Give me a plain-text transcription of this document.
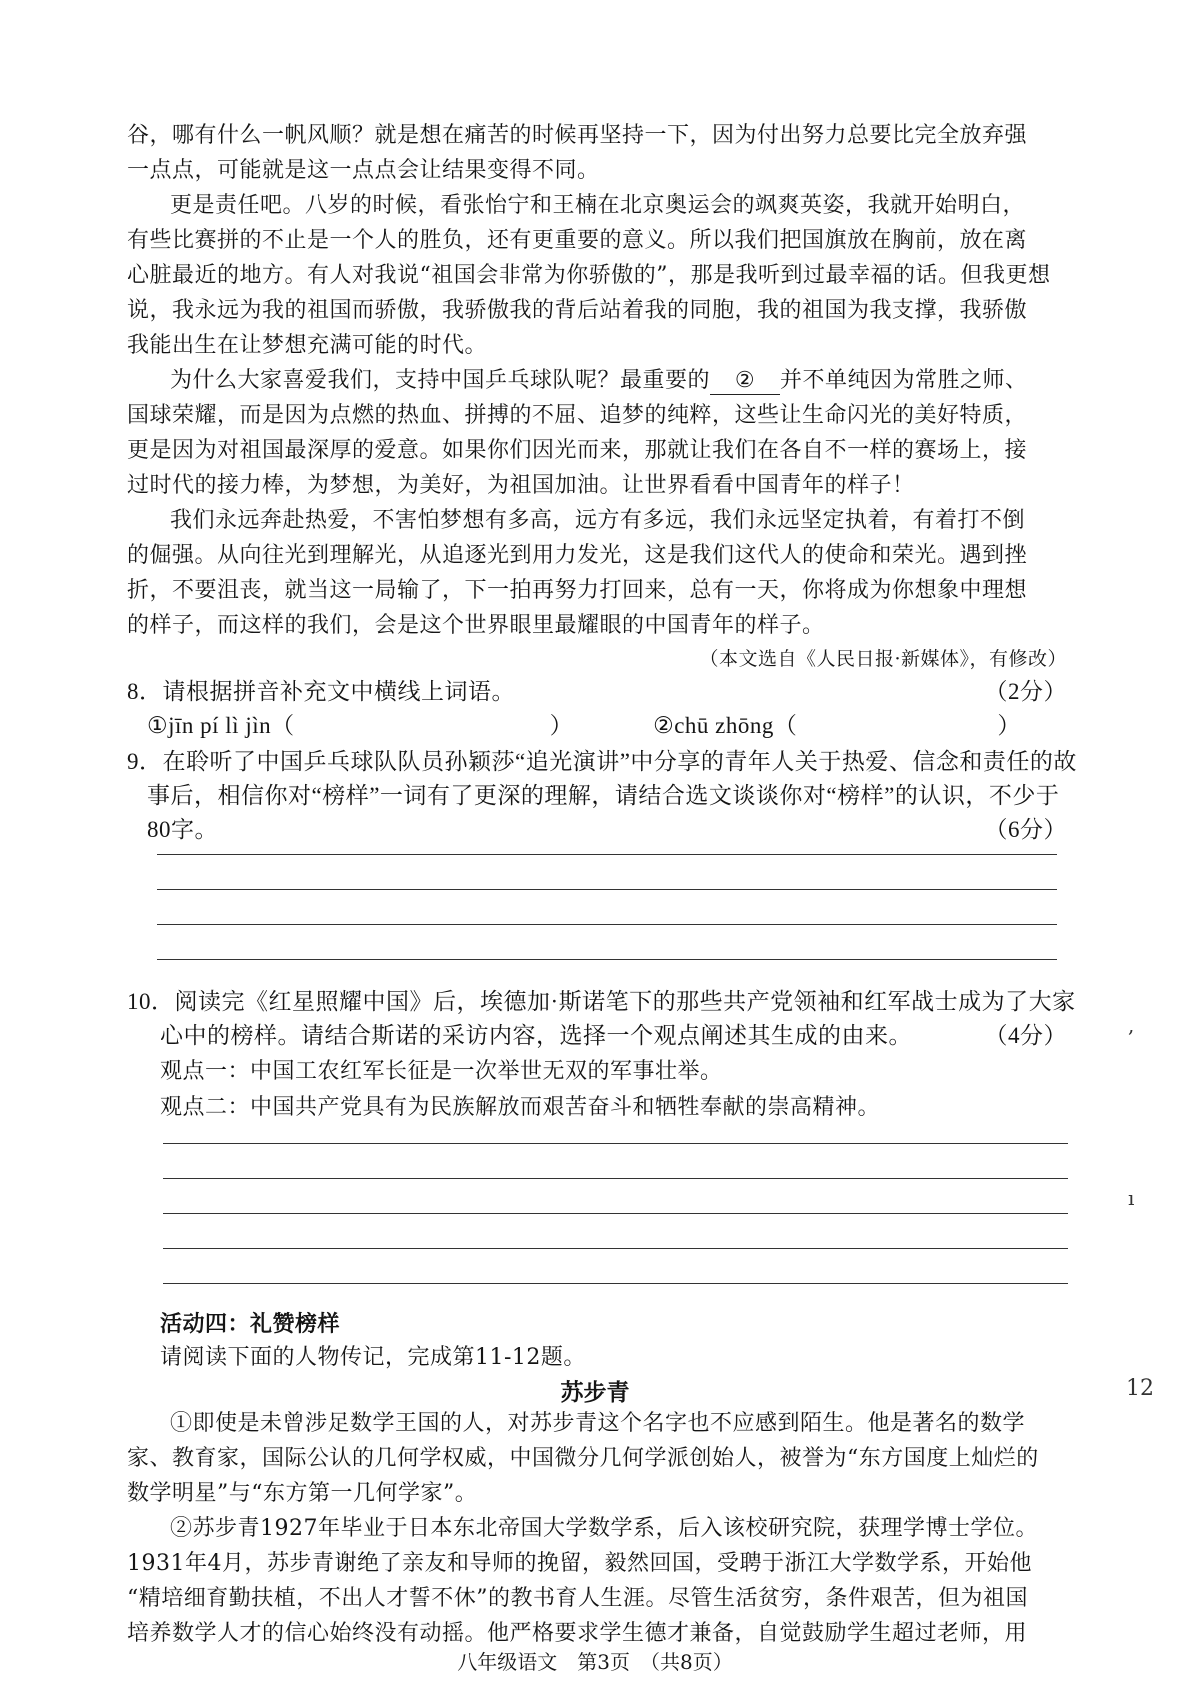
谷，哪有什么一帆风顺？就是想在痛苦的时候再坚持一下，因为付出努力总要比完全放弃强
一点点，可能就是这一点点会让结果变得不同。
更是责任吧。八岁的时候，看张怡宁和王楠在北京奥运会的飒爽英姿，我就开始明白，
有些比赛拼的不止是一个人的胜负，还有更重要的意义。所以我们把国旗放在胸前，放在离
心脏最近的地方。有人对我说“祖国会非常为你骄傲的”，那是我听到过最幸福的话。但我更想
说，我永远为我的祖国而骄傲，我骄傲我的背后站着我的同胞，我的祖国为我支撑，我骄傲
我能出生在让梦想充满可能的时代。
为什么大家喜爱我们，支持中国乒乓球队呢？最重要的 ② 并不单纯因为常胜之师、
国球荣耀，而是因为点燃的热血、拼搏的不屈、追梦的纯粹，这些让生命闪光的美好特质，
更是因为对祖国最深厚的爱意。如果你们因光而来，那就让我们在各自不一样的赛场上，接
过时代的接力棒，为梦想，为美好，为祖国加油。让世界看看中国青年的样子！
我们永远奔赴热爱，不害怕梦想有多高，远方有多远，我们永远坚定执着，有着打不倒
的倔强。从向往光到理解光，从追逐光到用力发光，这是我们这代人的使命和荣光。遇到挫
折，不要沮丧，就当这一局输了，下一拍再努力打回来，总有一天，你将成为你想象中理想
的样子，而这样的我们，会是这个世界眼里最耀眼的中国青年的样子。
（本文选自《人民日报·新媒体》，有修改）
8．请根据拼音补充文中横线上词语。	（2分）
①jīn pí lì jìn（	）	②chū zhōng（	）
9．在聆听了中国乒乓球队队员孙颖莎“追光演讲”中分享的青年人关于热爱、信念和责任的故
事后，相信你对“榜样”一词有了更深的理解，请结合选文谈谈你对“榜样”的认识，不少于
80字。	（6分）
10．阅读完《红星照耀中国》后，埃德加·斯诺笔下的那些共产党领袖和红军战士成为了大家
心中的榜样。请结合斯诺的采访内容，选择一个观点阐述其生成的由来。	（4分）
观点一：中国工农红军长征是一次举世无双的军事壮举。
观点二：中国共产党具有为民族解放而艰苦奋斗和牺牲奉献的崇高精神。
活动四：礼赞榜样
请阅读下面的人物传记，完成第11-12题。
苏步青
①即使是未曾涉足数学王国的人，对苏步青这个名字也不应感到陌生。他是著名的数学
家、教育家，国际公认的几何学权威，中国微分几何学派创始人，被誉为“东方国度上灿烂的
数学明星”与“东方第一几何学家”。
②苏步青1927年毕业于日本东北帝国大学数学系，后入该校研究院，获理学博士学位。
1931年4月，苏步青谢绝了亲友和导师的挽留，毅然回国，受聘于浙江大学数学系，开始他
“精培细育勤扶植，不出人才誓不休”的教书育人生涯。尽管生活贫穷，条件艰苦，但为祖国
培养数学人才的信心始终没有动摇。他严格要求学生德才兼备，自觉鼓励学生超过老师，用
,
ı
12
八年级语文　第3页　（共8页）
